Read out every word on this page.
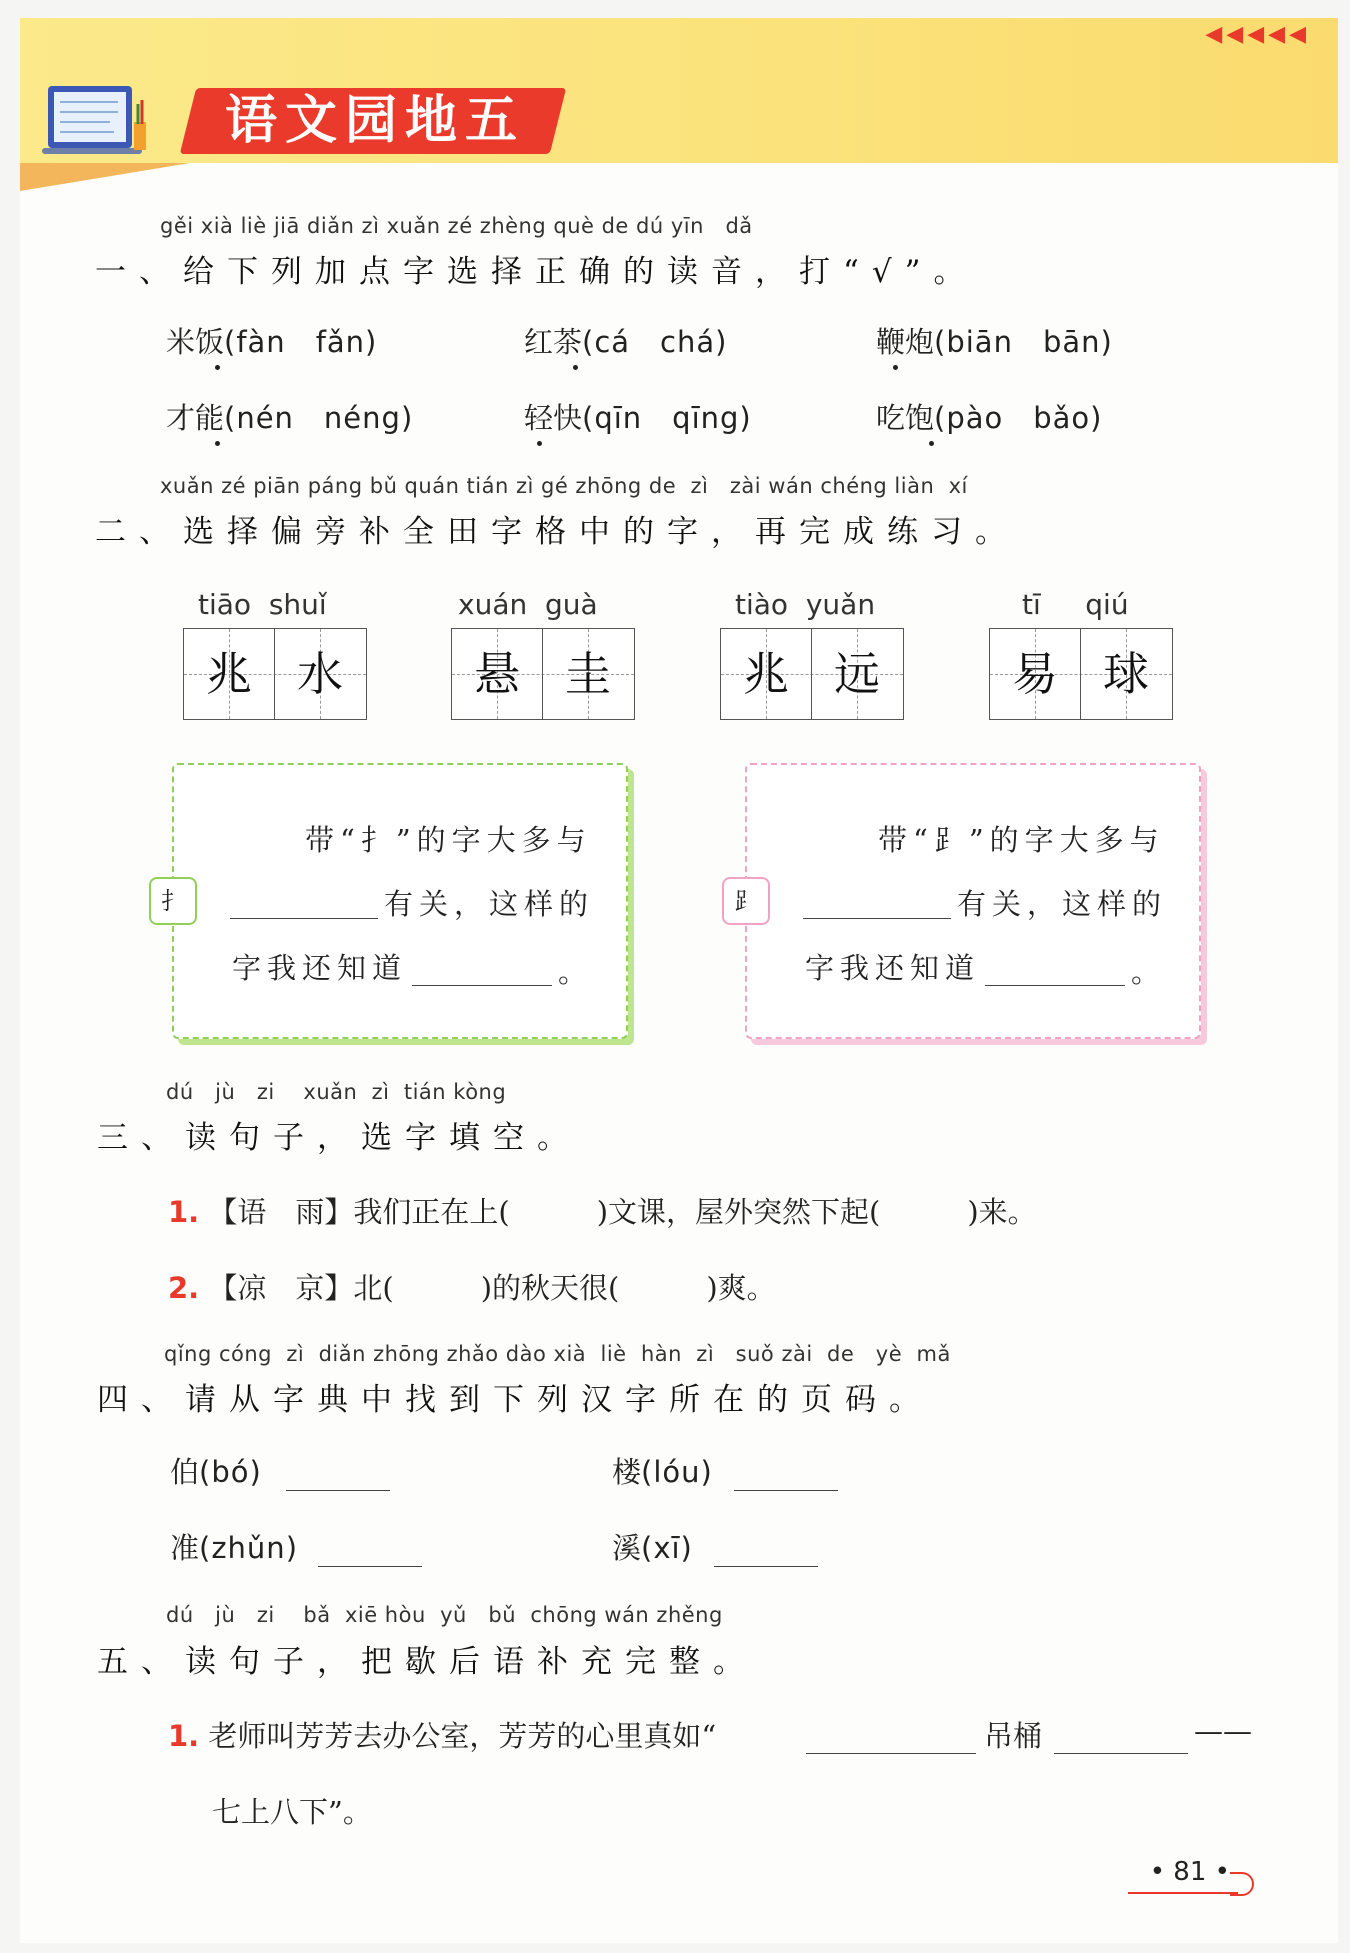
◀◀◀◀◀
语文园地五
gěi xià liè jiā diǎn zì xuǎn zé zhèng què de dú yīn   dǎ
一、给下列加点字选择正确的读音，打“√”。
米饭(fàn　fǎn)	红茶(cá　chá)	鞭炮(biān　bān)
才能(nén　néng)	轻快(qīn　qīng)	吃饱(pào　bǎo)
xuǎn zé piān páng bǔ quán tián zì gé zhōng de  zì   zài wán chéng liàn  xí
二、选择偏旁补全田字格中的字，再完成练习。
tiāo  shuǐ
兆 水
xuán  guà
悬 圭
tiào  yuǎn
兆 远
tī     qiú
易 球
扌
带“扌”的字大多与
有关，这样的
字我还知道	。
⻊
带“⻊”的字大多与
有关，这样的
字我还知道	。
dú   jù   zi    xuǎn  zì  tián kòng
三、读句子，选字填空。
1. 【语　雨】我们正在上(　　　)文课，屋外突然下起(　　　)来。
2. 【凉　京】北(　　　)的秋天很(　　　)爽。
qǐng cóng  zì  diǎn zhōng zhǎo dào xià  liè  hàn  zì   suǒ zài  de   yè  mǎ
四、请从字典中找到下列汉字所在的页码。
伯(bó)	楼(lóu)
准(zhǔn)	溪(xī)
dú   jù   zi    bǎ  xiē hòu  yǔ   bǔ  chōng wán zhěng
五、读句子，把歇后语补充完整。
1. 老师叫芳芳去办公室，芳芳的心里真如“	吊桶	——
七上八下”。
• 81 •
